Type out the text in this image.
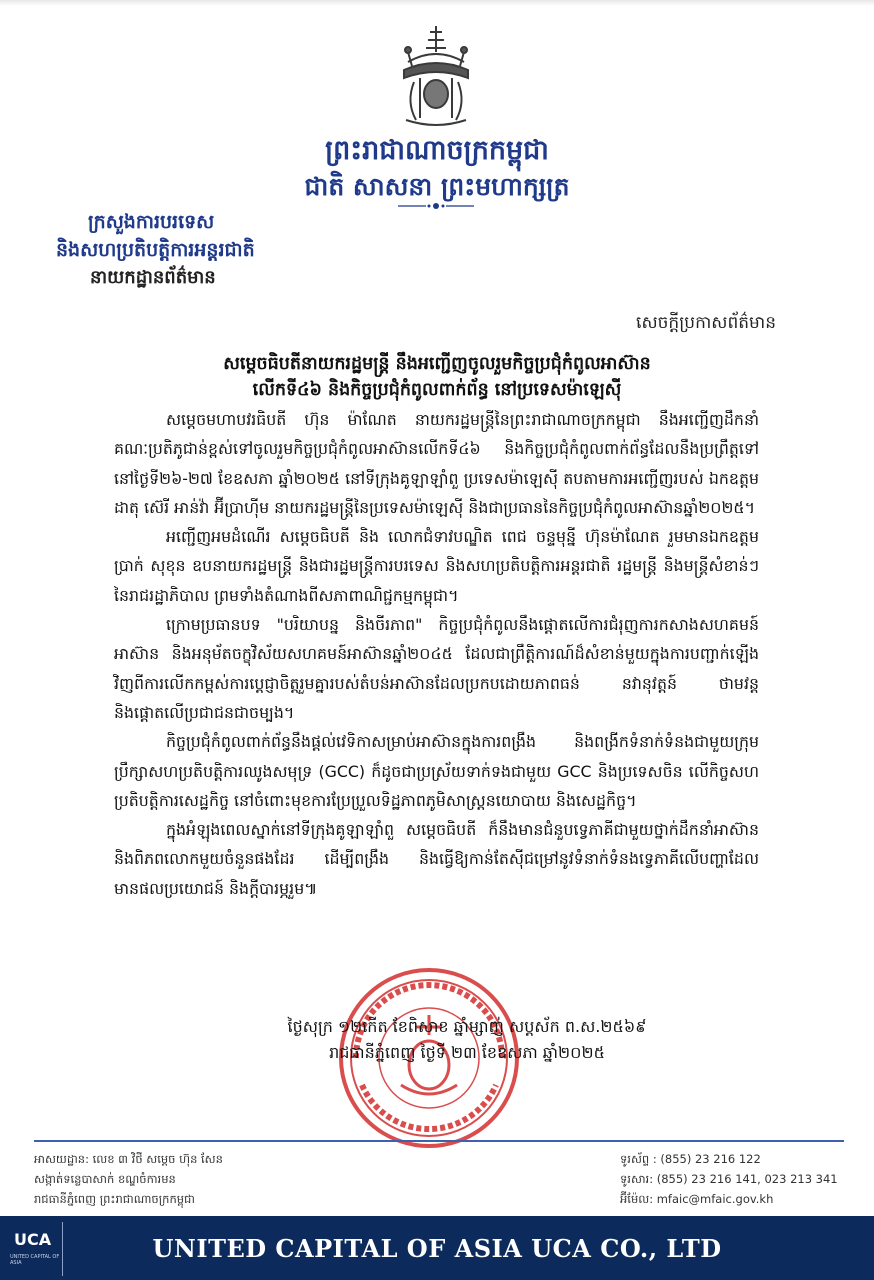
ព្រះរាជាណាចក្រកម្ពុជា
ជាតិ សាសនា ព្រះមហាក្សត្រ
ក្រសួងការបរទេស
និងសហប្រតិបត្តិការអន្តរជាតិ
នាយកដ្ឋានព័ត៌មាន
សេចក្តីប្រកាសព័ត៌មាន
សម្តេចធិបតីនាយករដ្ឋមន្ត្រី នឹងអញ្ជើញចូលរួមកិច្ចប្រជុំកំពូលអាស៊ាន
លើកទី៤៦ និងកិច្ចប្រជុំកំពូលពាក់ព័ន្ធ នៅប្រទេសម៉ាឡេស៊ី

សម្តេចមហាបវរធិបតី ហ៊ុន ម៉ាណែត នាយករដ្ឋមន្ត្រីនៃព្រះរាជាណាចក្រកម្ពុជា នឹងអញ្ជើញដឹកនាំគណៈប្រតិភូជាន់ខ្ពស់ទៅចូលរួមកិច្ចប្រជុំកំពូលអាស៊ានលើកទី៤៦ និងកិច្ចប្រជុំកំពូលពាក់ព័ន្ធដែលនឹងប្រព្រឹត្តទៅនៅថ្ងៃទី២៦-២៧ ខែឧសភា ឆ្នាំ២០២៥ នៅទីក្រុងគូឡាឡាំពួ ប្រទេសម៉ាឡេស៊ី តបតាមការអញ្ជើញរបស់ ឯកឧត្តម ដាតុ ស៊េរី អាន់វ៉ា អ៊ីប្រាហ៊ីម នាយករដ្ឋមន្ត្រីនៃប្រទេសម៉ាឡេស៊ី និងជាប្រធាននៃកិច្ចប្រជុំកំពូលអាស៊ានឆ្នាំ២០២៥។

អញ្ជើញអមដំណើរ សម្តេចធិបតី និង លោកជំទាវបណ្ឌិត ពេជ ចន្ទមុន្នី ហ៊ុនម៉ាណែត រួមមានឯកឧត្តម ប្រាក់ សុខុន ឧបនាយករដ្ឋមន្ត្រី និងជារដ្ឋមន្ត្រីការបរទេស និងសហប្រតិបត្តិការអន្តរជាតិ រដ្ឋមន្ត្រី និងមន្ត្រីសំខាន់ៗនៃរាជរដ្ឋាភិបាល ព្រមទាំងតំណាងពីសភាពាណិជ្ជកម្មកម្ពុជា។

ក្រោមប្រធានបទ "បរិយាបន្ន និងចីរភាព" កិច្ចប្រជុំកំពូលនឹងផ្តោតលើការជំរុញការកសាងសហគមន៍អាស៊ាន និងអនុម័តចក្ខុវិស័យសហគមន៍អាស៊ានឆ្នាំ២០៤៥ ដែលជាព្រឹត្តិការណ៍ដ៏សំខាន់មួយក្នុងការបញ្ជាក់ឡើងវិញពីការលើកកម្ពស់ការប្តេជ្ញាចិត្តរួមគ្នារបស់តំបន់អាស៊ានដែលប្រកបដោយភាពធន់ នវានុវត្តន៍ ថាមវន្ត និងផ្តោតលើប្រជាជនជាចម្បង។

កិច្ចប្រជុំកំពូលពាក់ព័ន្ធនឹងផ្តល់វេទិកាសម្រាប់អាស៊ានក្នុងការពង្រឹង និងពង្រីកទំនាក់ទំនងជាមួយក្រុមប្រឹក្សាសហប្រតិបត្តិការឈូងសមុទ្រ (GCC) ក៏ដូចជាប្រស្រ័យទាក់ទងជាមួយ GCC និងប្រទេសចិន លើកិច្ចសហប្រតិបត្តិការសេដ្ឋកិច្ច នៅចំពោះមុខការប្រែប្រួលទិដ្ឋភាពភូមិសាស្ត្រនយោបាយ និងសេដ្ឋកិច្ច។

ក្នុងអំឡុងពេលស្នាក់នៅទីក្រុងគូឡាឡាំពួ សម្តេចធិបតី ក៏នឹងមានជំនួបទ្វេភាគីជាមួយថ្នាក់ដឹកនាំអាស៊ាន និងពិភពលោកមួយចំនួនផងដែរ ដើម្បីពង្រឹង និងធ្វើឱ្យកាន់តែស៊ីជម្រៅនូវទំនាក់ទំនងទ្វេភាគីលើបញ្ហាដែលមានផលប្រយោជន៍ និងក្តីបារម្ភរួម៕

ថ្ងៃសុក្រ ១២កើត ខែពិសាខ ឆ្នាំម្សាញ់ សប្តស័ក ព.ស.២៥៦៩
រាជធានីភ្នំពេញ ថ្ងៃទី ២៣ ខែឧសភា ឆ្នាំ២០២៥
អាសយដ្ឋាន: លេខ ៣ វិថី សម្តេច ហ៊ុន សែន
សង្កាត់ទន្លេបាសាក់ ខណ្ឌចំការមន
រាជធានីភ្នំពេញ ព្រះរាជាណាចក្រកម្ពុជា
ទូរស័ព្ទ : (855) 23 216 122
ទូរសារ: (855) 23 216 141, 023 213 341
អ៊ីម៉ែល: mfaic@mfaic.gov.kh
UNITED CAPITAL OF ASIA UCA CO., LTD
UCA
UNITED CAPITAL OF ASIA
